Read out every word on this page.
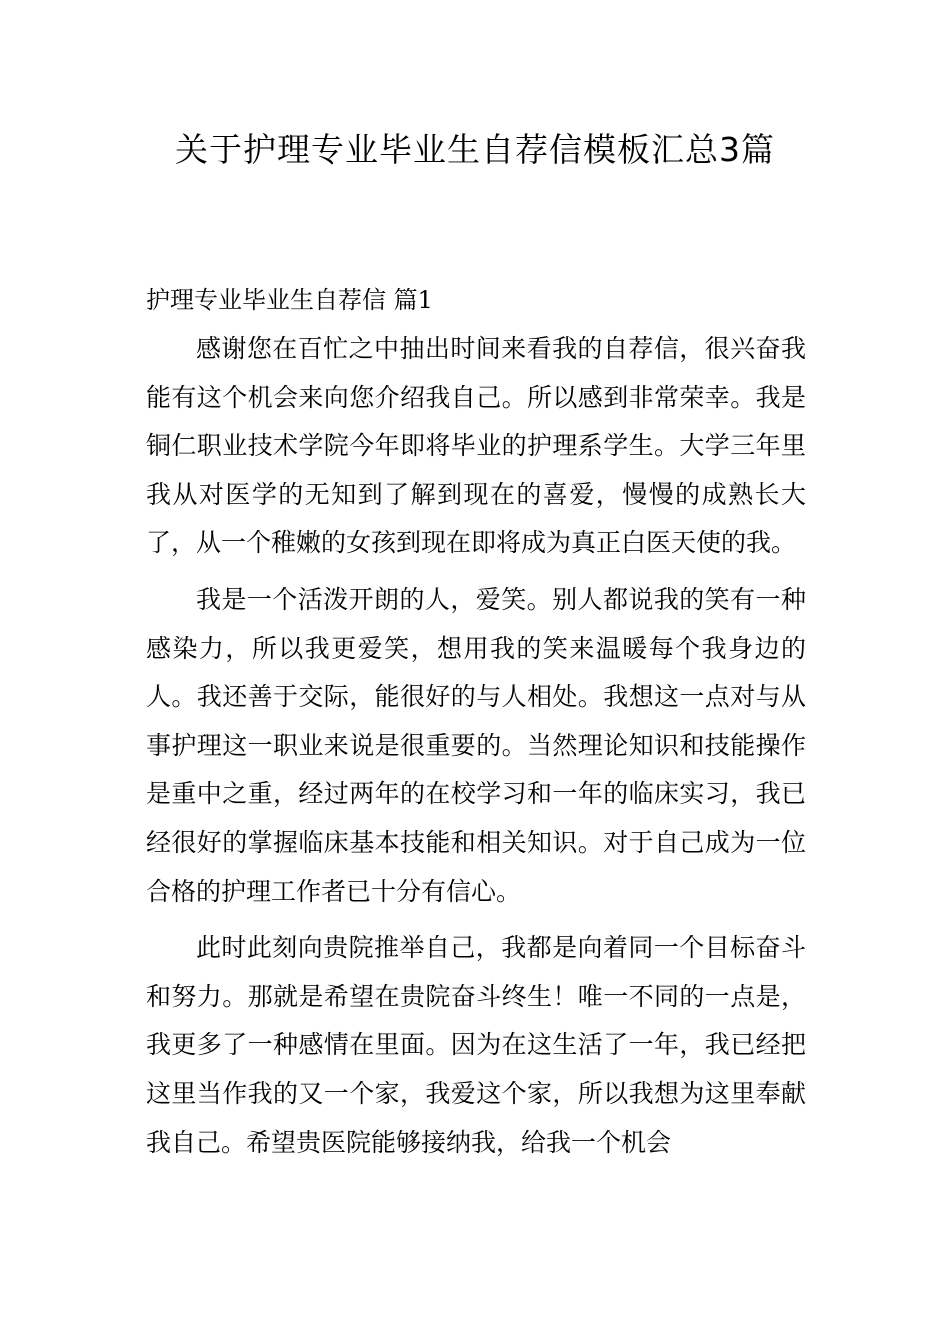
关于护理专业毕业生自荐信模板汇总3篇
护理专业毕业生自荐信 篇1

感谢您在百忙之中抽出时间来看我的自荐信，很兴奋我能有这个机会来向您介绍我自己。所以感到非常荣幸。我是铜仁职业技术学院今年即将毕业的护理系学生。大学三年里我从对医学的无知到了解到现在的喜爱，慢慢的成熟长大了，从一个稚嫩的女孩到现在即将成为真正白医天使的我。

我是一个活泼开朗的人，爱笑。别人都说我的笑有一种感染力，所以我更爱笑，想用我的笑来温暖每个我身边的人。我还善于交际，能很好的与人相处。我想这一点对与从事护理这一职业来说是很重要的。当然理论知识和技能操作是重中之重，经过两年的在校学习和一年的临床实习，我已经很好的掌握临床基本技能和相关知识。对于自己成为一位合格的护理工作者已十分有信心。

此时此刻向贵院推举自己，我都是向着同一个目标奋斗和努力。那就是希望在贵院奋斗终生！唯一不同的一点是，我更多了一种感情在里面。因为在这生活了一年，我已经把这里当作我的又一个家，我爱这个家，所以我想为这里奉献我自己。希望贵医院能够接纳我，给我一个机会
